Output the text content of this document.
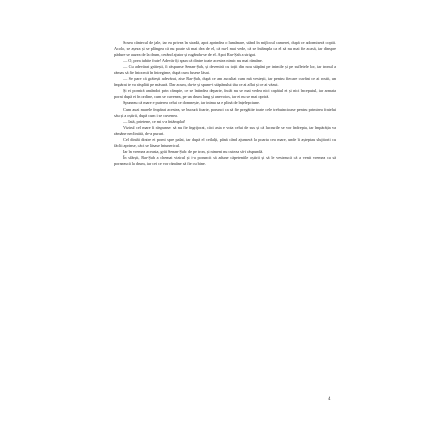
Sosea cântecul de jale, iar ea privea în stradă, apoi aprindea o lumânare, stând în mijlocul camerei, după ce adormiseră copiii. Acolo, se așeza și se plângea că nu poate să mai dea de el, că nu-l mai vede, că se întâmpla ca el să nu mai fie acasă, iar dinspre pădure se auzea de la drum, cerând ajutor și rugându-se de el. Apoi Rar-Șah a strigat.

— O, prea iubite frate! Adevăr îți spun că dintre toate acestea nimic nu mai rămâne.

— Cu adevărat grăiești, îi răspunse Senan-Șah, și deveniră cu toții din nou stăpâni pe inimile și pe sufletele lor, iar tronul a rămas să fie întocmit în întregime, după cum fusese lăsat.

— Se pare că grăiești adevărat, zise Rar-Șah, după ce am ascultat cum mă vestești, iar pentru fiecare cuvânt ce ai rostit, un împărat te va răsplăti pe măsură. Dar acum, du-te și spune-i stăpânului tău ce ai aflat și ce ai văzut.

Și ei porniră amândoi prin câmpie, ce se întindea departe, încât nu se mai vedea nici capătul ei și nici începutul, iar armata porni după ei în ordine, cum se cuvenea, pe un drum lung și anevoios, iar ei nu se mai opriră.

Spuneau că mare e puterea celui ce domnește, iar inima sa e plină de înțelepciune.

Cum auzi marele împărat acestea, se bucură foarte, porunci ca să fie pregătite toate cele trebuincioase pentru primirea fratelui său și a oștirii, după cum i se cuvenea.

— Iată, prietene, ce mi s-a întâmplat!

Vizirul cel mare îi răspunse: să nu fie îngrijorat, căci asta e voia celui de sus și că lucrurile se vor îndrepta, iar împărăția va rămâne neclintită, de-a pururi.

Cel dintâi dintre ei porni spre palat, iar după el ceilalți, până când ajunseră la poarta cea mare, unde îi așteptau slujitorii cu făclii aprinse, căci se lăsase întunericul.

Iar în vremea aceasta, grăi Senan-Șah: de pe tron, și nimeni nu cuteza să-i răspundă.

În sfârșit, Rar-Șah a chemat vizirul și i-a poruncit să adune căpeteniile oștirii și să le vestească că a venit vremea ca să pornească la drum, iar cei ce vor rămâne să fie cu bine.

4
